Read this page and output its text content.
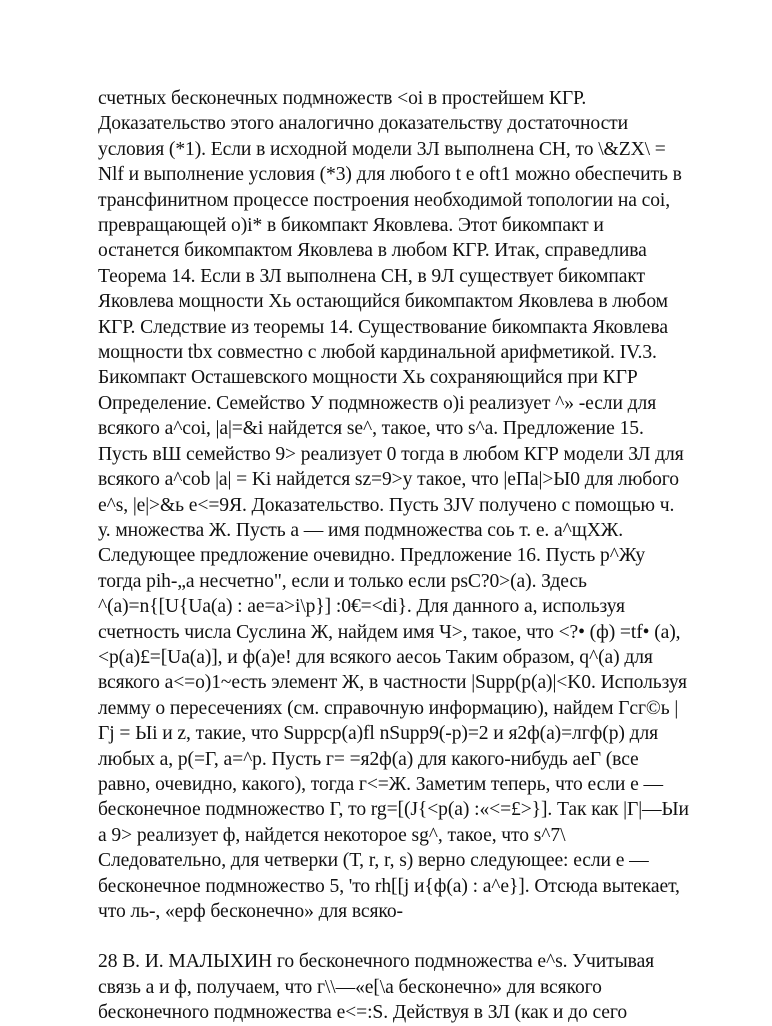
счетных бесконечных подмножеств <oi в простейшем КГР.
Доказательство этого аналогично доказательству достаточности
условия (*1). Если в исходной модели 3Л выполнена СН, то \&ZX\ =
Nlf и выполнение условия (*3) для любого t e oft1 можно обеспечить в
трансфинитном процессе построения необходимой топологии на coi,
превращающей о)i* в бикомпакт Яковлева. Этот бикомпакт и
останется бикомпактом Яковлева в любом КГР. Итак, справедлива
Теорема 14. Если в ЗЛ выполнена СН, в 9Л существует бикомпакт
Яковлева мощности Хь остающийся бикомпактом Яковлева в любом
КГР. Следствие из теоремы 14. Существование бикомпакта Яковлева
мощности tbx совместно с любой кардинальной арифметикой. IV.3.
Бикомпакт Осташевского мощности Хь сохраняющийся при КГР
Определение. Семейство У подмножеств о)i реализует ^» -если для
всякого a^coi, |a|=&i найдется se^, такое, что s^a. Предложение 15.
Пусть вШ семейство 9> реализует 0 тогда в любом КГР модели ЗЛ для
всякого a^cob |a| = Ki найдется sz=9>y такое, что |еПа|>Ы0 для любого
e^s, |e|>&ь е<=9Я. Доказательство. Пусть 3JV получено с помощью ч.
у. множества Ж. Пусть а — имя подмножества соь т. е. a^щXЖ.
Следующее предложение очевидно. Предложение 16. Пусть p^Жу
тогда pih-„а несчетно", если и только если psC?0>(a). Здесь
^(a)=n{[U{Ua(a) : ae=a>i\p}] :0€=<di}. Для данного а, используя
счетность числа Суслина Ж, найдем имя Ч>, такое, что <?• (ф) =tf• (a),
<p(a)£=[Ua(a)], и ф(а)е! для всякого аесоь Таким образом, q^(a) для
всякого a<=o)1~есть элемент Ж, в частности |Supp(p(a)|<K0. Используя
лемму о пересечениях (см. справочную информацию), найдем Гсг©ь |
Гj = Ыi и z, такие, что Suppcp(a)fl nSupp9(-p)=2 и я2ф(а)=лгф(р) для
любых а, р(=Г, а=^р. Пусть г= =я2ф(а) для какого-нибудь aeГ (все
равно, очевидно, какого), тогда г<=Ж. Заметим теперь, что если е —
бесконечное подмножество Г, то rg=[(J{<p(a) :«<=£>}]. Так как |Г|—Ыи
а 9> реализует ф, найдется некоторое sg^, такое, что s^7\
Следовательно, для четверки (Т, r, r, s) верно следующее: если е —
бесконечное подмножество 5, 'то rh[[j и{ф(а) : а^е}]. Отсюда вытекает,
что ль-, «ерф бесконечно» для всяко-
28 В. И. МАЛЫХИН го бесконечного подмножества e^s. Учитывая
связь а и ф, получаем, что г\\—«е[\а бесконечно» для всякого
бесконечного подмножества е<=:S. Действуя в ЗЛ (как и до сего
